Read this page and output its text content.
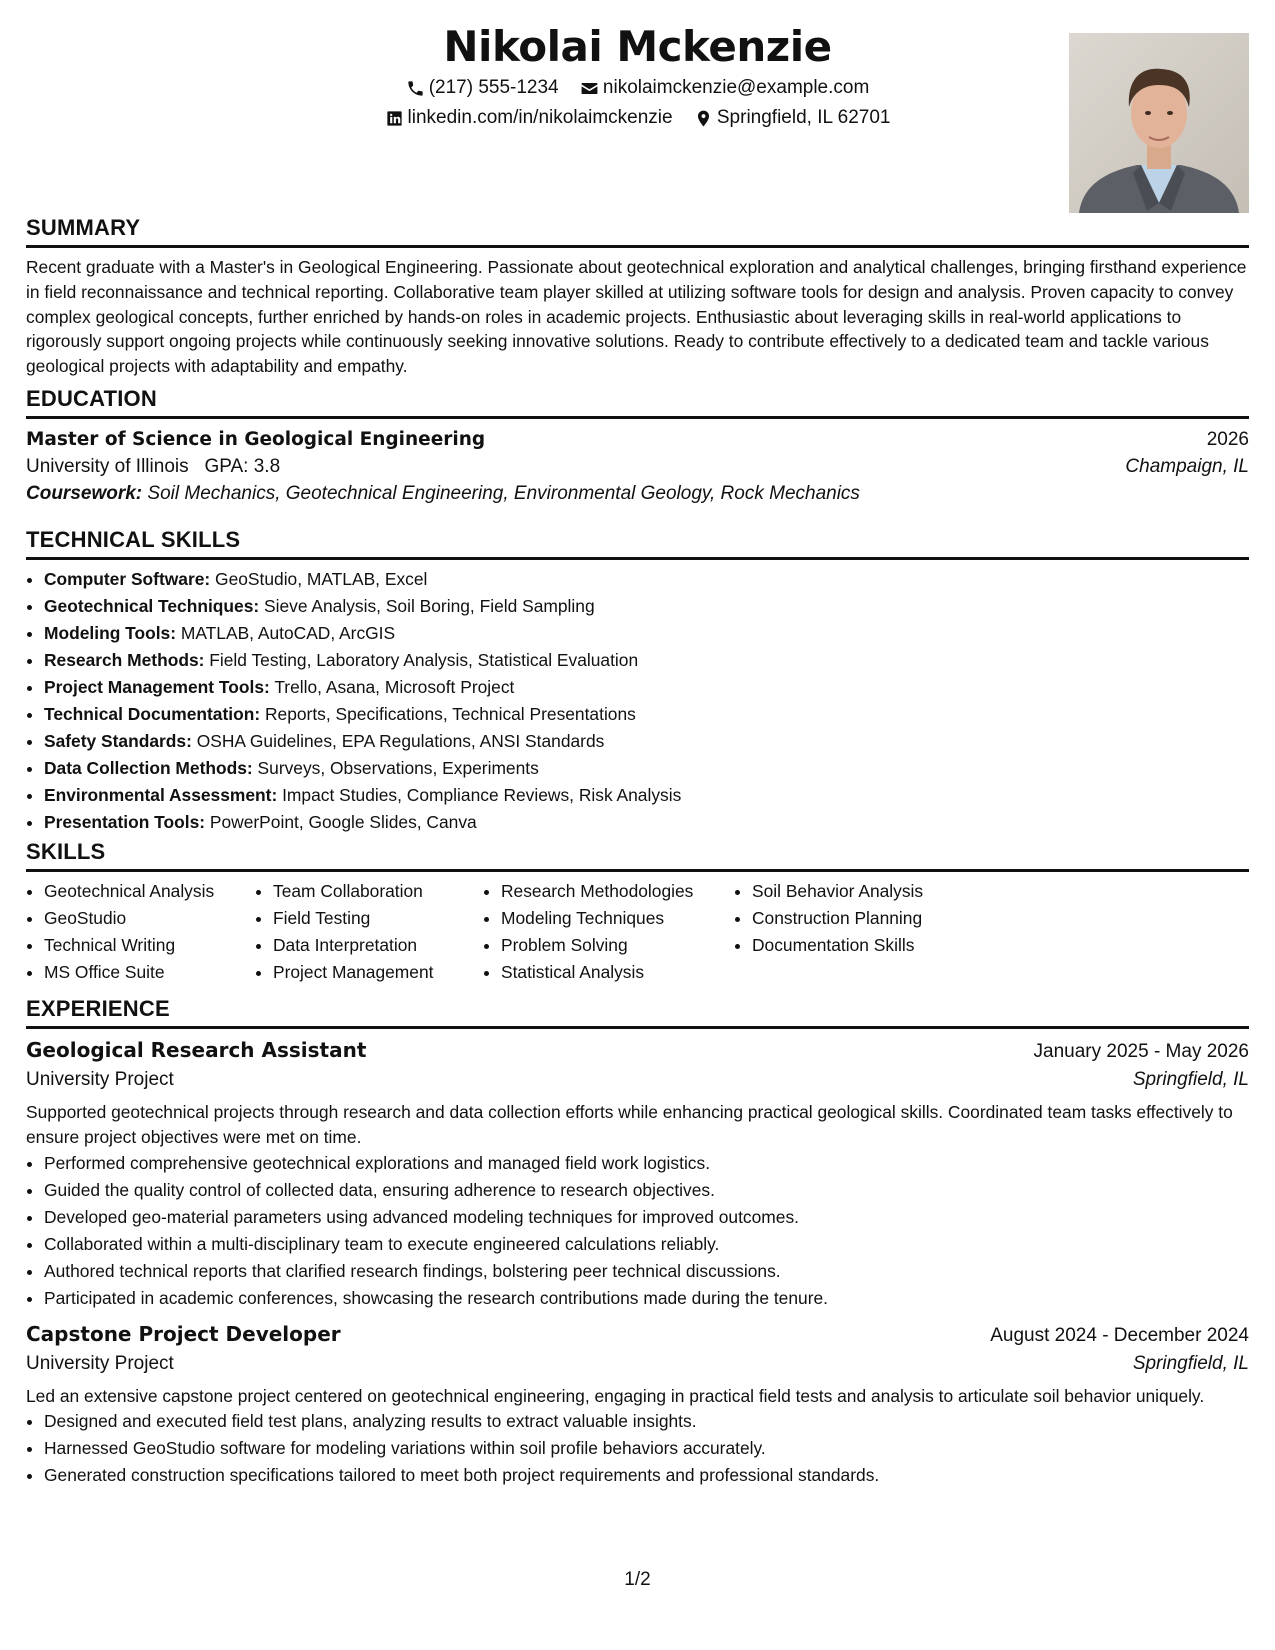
Nikolai Mckenzie
(217) 555-1234
nikolaimckenzie@example.com
linkedin.com/in/nikolaimckenzie
Springfield, IL 62701
SUMMARY

Recent graduate with a Master's in Geological Engineering. Passionate about geotechnical exploration and analytical challenges, bringing firsthand experience in field reconnaissance and technical reporting. Collaborative team player skilled at utilizing software tools for design and analysis. Proven capacity to convey complex geological concepts, further enriched by hands-on roles in academic projects. Enthusiastic about leveraging skills in real-world applications to rigorously support ongoing projects while continuously seeking innovative solutions. Ready to contribute effectively to a dedicated team and tackle various geological projects with adaptability and empathy.

EDUCATION
Master of Science in Geological Engineering	2026
University of Illinois GPA: 3.8	Champaign, IL
Coursework: Soil Mechanics, Geotechnical Engineering, Environmental Geology, Rock Mechanics
TECHNICAL SKILLS
• Computer Software: GeoStudio, MATLAB, Excel
• Geotechnical Techniques: Sieve Analysis, Soil Boring, Field Sampling
• Modeling Tools: MATLAB, AutoCAD, ArcGIS
• Research Methods: Field Testing, Laboratory Analysis, Statistical Evaluation
• Project Management Tools: Trello, Asana, Microsoft Project
• Technical Documentation: Reports, Specifications, Technical Presentations
• Safety Standards: OSHA Guidelines, EPA Regulations, ANSI Standards
• Data Collection Methods: Surveys, Observations, Experiments
• Environmental Assessment: Impact Studies, Compliance Reviews, Risk Analysis
• Presentation Tools: PowerPoint, Google Slides, Canva
SKILLS
• Geotechnical Analysis
• GeoStudio
• Technical Writing
• MS Office Suite
• Team Collaboration
• Field Testing
• Data Interpretation
• Project Management
• Research Methodologies
• Modeling Techniques
• Problem Solving
• Statistical Analysis
• Soil Behavior Analysis
• Construction Planning
• Documentation Skills
EXPERIENCE
Geological Research Assistant	January 2025 - May 2026
University Project	Springfield, IL

Supported geotechnical projects through research and data collection efforts while enhancing practical geological skills. Coordinated team tasks effectively to ensure project objectives were met on time.

• Performed comprehensive geotechnical explorations and managed field work logistics.
• Guided the quality control of collected data, ensuring adherence to research objectives.
• Developed geo-material parameters using advanced modeling techniques for improved outcomes.
• Collaborated within a multi-disciplinary team to execute engineered calculations reliably.
• Authored technical reports that clarified research findings, bolstering peer technical discussions.
• Participated in academic conferences, showcasing the research contributions made during the tenure.
Capstone Project Developer	August 2024 - December 2024
University Project	Springfield, IL

Led an extensive capstone project centered on geotechnical engineering, engaging in practical field tests and analysis to articulate soil behavior uniquely.

• Designed and executed field test plans, analyzing results to extract valuable insights.
• Harnessed GeoStudio software for modeling variations within soil profile behaviors accurately.
• Generated construction specifications tailored to meet both project requirements and professional standards.
1/2
